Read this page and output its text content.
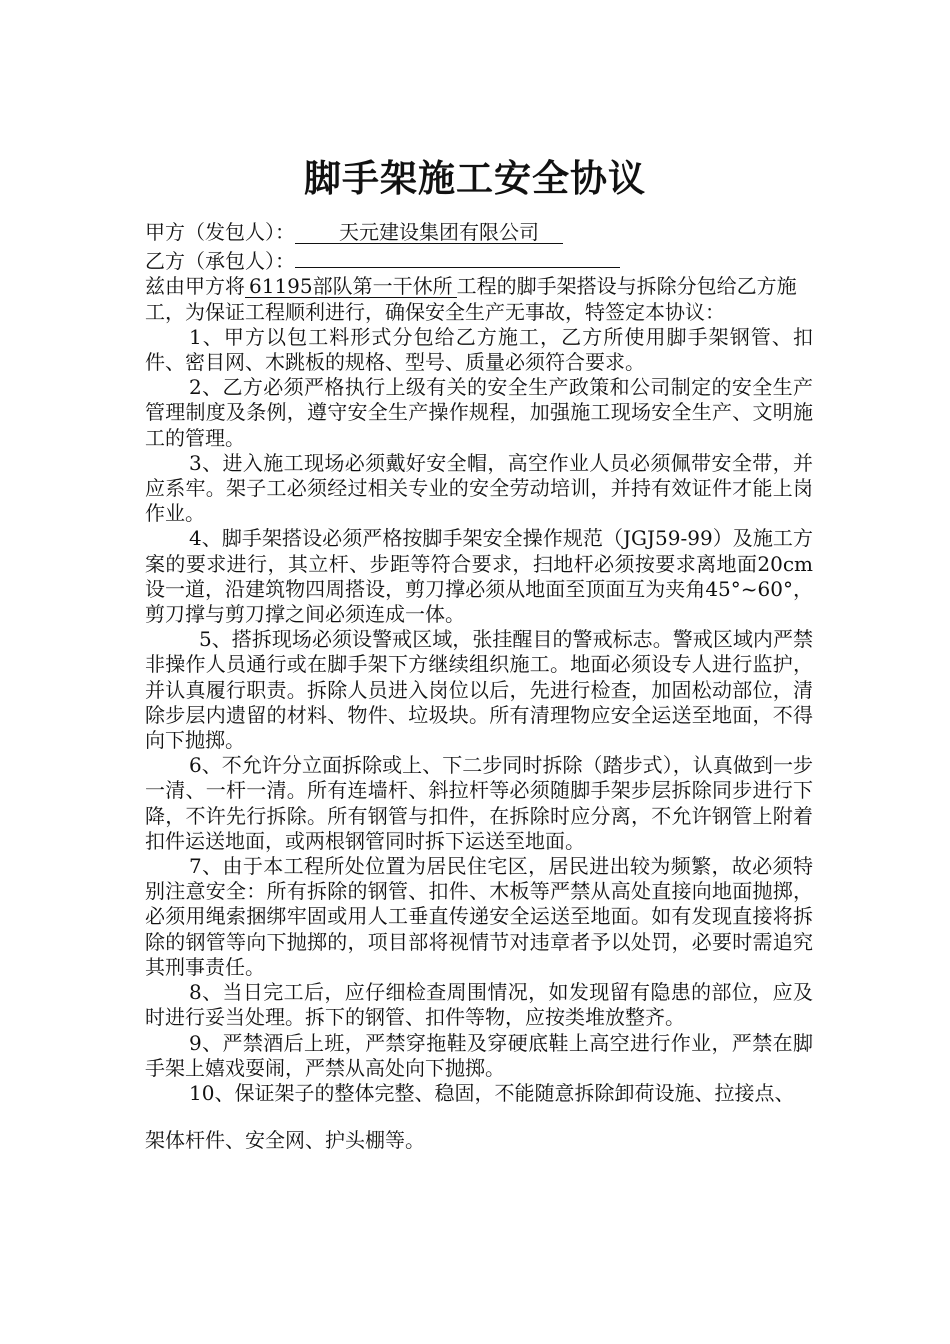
脚手架施工安全协议
甲方（发包人）： 天元建设集团有限公司
乙方（承包人）：

兹由甲方将 61195部队第一干休所 工程的脚手架搭设与拆除分包给乙方施工，为保证工程顺利进行，确保安全生产无事故，特签定本协议：

1、甲方以包工料形式分包给乙方施工，乙方所使用脚手架钢管、扣件、密目网、木跳板的规格、型号、质量必须符合要求。

2、乙方必须严格执行上级有关的安全生产政策和公司制定的安全生产管理制度及条例，遵守安全生产操作规程，加强施工现场安全生产、文明施工的管理。

3、进入施工现场必须戴好安全帽，高空作业人员必须佩带安全带，并应系牢。架子工必须经过相关专业的安全劳动培训，并持有效证件才能上岗作业。

4、脚手架搭设必须严格按脚手架安全操作规范（JGJ59-99）及施工方案的要求进行，其立杆、步距等符合要求，扫地杆必须按要求离地面20cm设一道，沿建筑物四周搭设，剪刀撑必须从地面至顶面互为夹角45°~60°，剪刀撑与剪刀撑之间必须连成一体。

5、搭拆现场必须设警戒区域，张挂醒目的警戒标志。警戒区域内严禁非操作人员通行或在脚手架下方继续组织施工。地面必须设专人进行监护，并认真履行职责。拆除人员进入岗位以后，先进行检查，加固松动部位，清除步层内遗留的材料、物件、垃圾块。所有清理物应安全运送至地面，不得向下抛掷。

6、不允许分立面拆除或上、下二步同时拆除（踏步式），认真做到一步一清、一杆一清。所有连墙杆、斜拉杆等必须随脚手架步层拆除同步进行下降，不许先行拆除。所有钢管与扣件，在拆除时应分离，不允许钢管上附着扣件运送地面，或两根钢管同时拆下运送至地面。

7、由于本工程所处位置为居民住宅区，居民进出较为频繁，故必须特别注意安全：所有拆除的钢管、扣件、木板等严禁从高处直接向地面抛掷，必须用绳索捆绑牢固或用人工垂直传递安全运送至地面。如有发现直接将拆除的钢管等向下抛掷的，项目部将视情节对违章者予以处罚，必要时需追究其刑事责任。

8、当日完工后，应仔细检查周围情况，如发现留有隐患的部位，应及时进行妥当处理。拆下的钢管、扣件等物，应按类堆放整齐。

9、严禁酒后上班，严禁穿拖鞋及穿硬底鞋上高空进行作业，严禁在脚手架上嬉戏耍闹，严禁从高处向下抛掷。

10、保证架子的整体完整、稳固，不能随意拆除卸荷设施、拉接点、

架体杆件、安全网、护头棚等。
